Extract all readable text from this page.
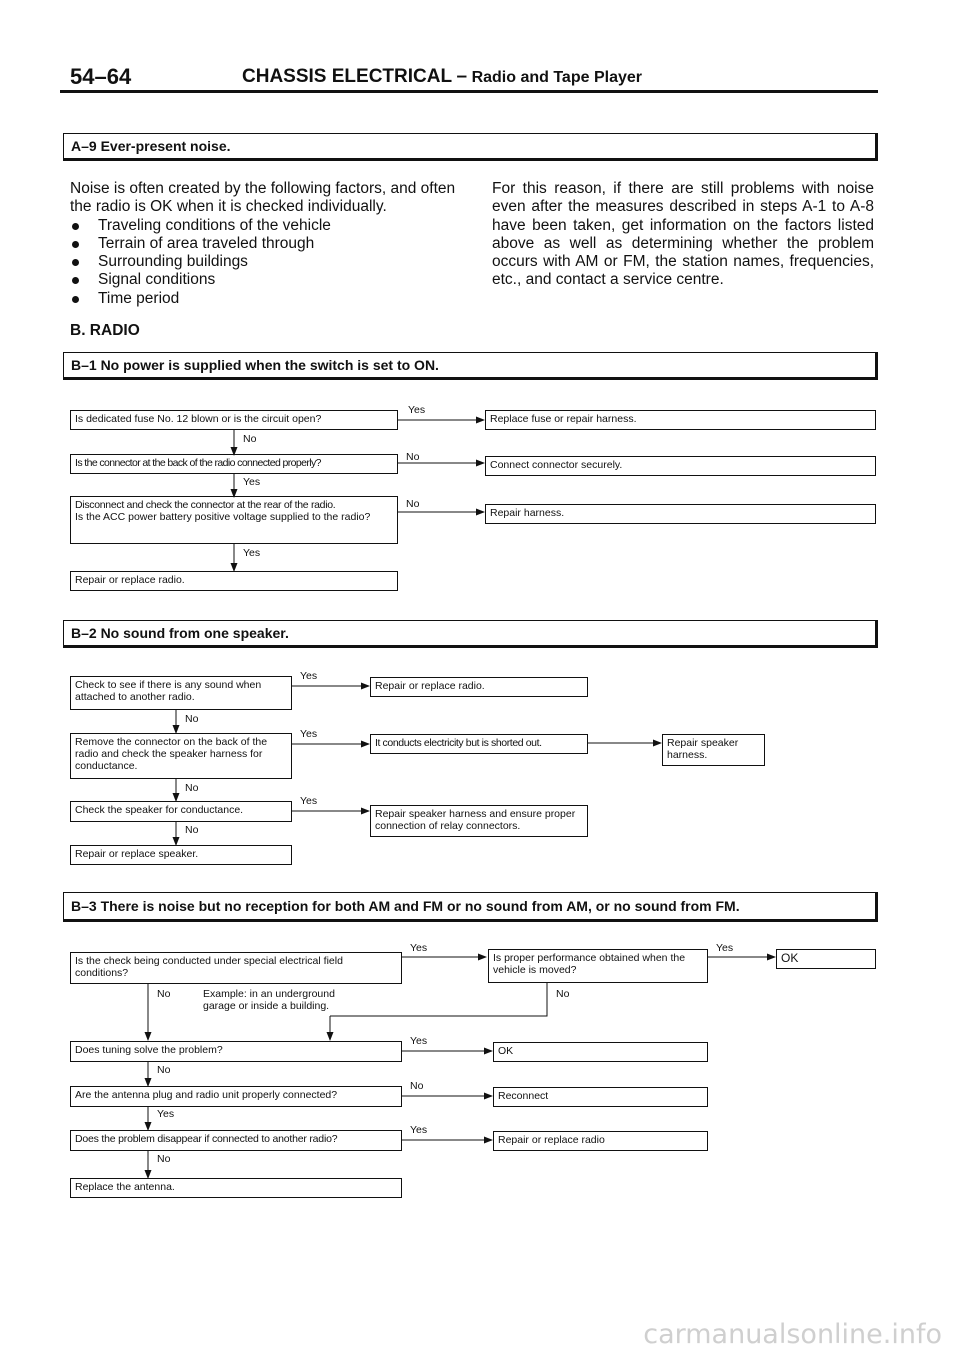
54–64	CHASSIS ELECTRICAL – Radio and Tape Player
A–9 Ever-present noise.

Noise is often created by the following factors, and often the radio is OK when it is checked individually.

Traveling conditions of the vehicle
Terrain of area traveled through
Surrounding buildings
Signal conditions
Time period
For this reason, if there are still problems with noise even after the measures described in steps A-1 to A-8 have been taken, get information on the factors listed above as well as determining whether the problem occurs with AM or FM, the station names, frequencies, etc., and contact a service centre.
B. RADIO
B–1 No power is supplied when the switch is set to ON.
Is dedicated fuse No. 12 blown or is the circuit open?
Yes
Replace fuse or repair harness.
No
Is the connector at the back of the radio connected properly?	No
Connect connector securely.
Yes
Disconnect and check the connector at the rear of the radio.
Is the ACC power battery positive voltage supplied to the radio?
No
Repair harness.
Yes
Repair or replace radio.
B–2 No sound from one speaker.
Check to see if there is any sound when attached to another radio.
Yes
Repair or replace radio.
No
Remove the connector on the back of the radio and check the speaker harness for conductance.
Yes
It conducts electricity but is shorted out.	Repair speaker harness.
No
Check the speaker for conductance.
Yes
Repair speaker harness and ensure proper connection of relay connectors.
No
Repair or replace speaker.
B–3 There is noise but no reception for both AM and FM or no sound from AM, or no sound from FM.
Is the check being conducted under special electrical field conditions?
Yes
Is proper performance obtained when the vehicle is moved?
Yes
OK
No	Example: in an underground garage or inside a building.
No
Does tuning solve the problem?
Yes
OK
No
Are the antenna plug and radio unit properly connected?
No
Reconnect
Yes
Does the problem disappear if connected to another radio?
Yes
Repair or replace radio
No
Replace the antenna.
carmanualsonline.info
